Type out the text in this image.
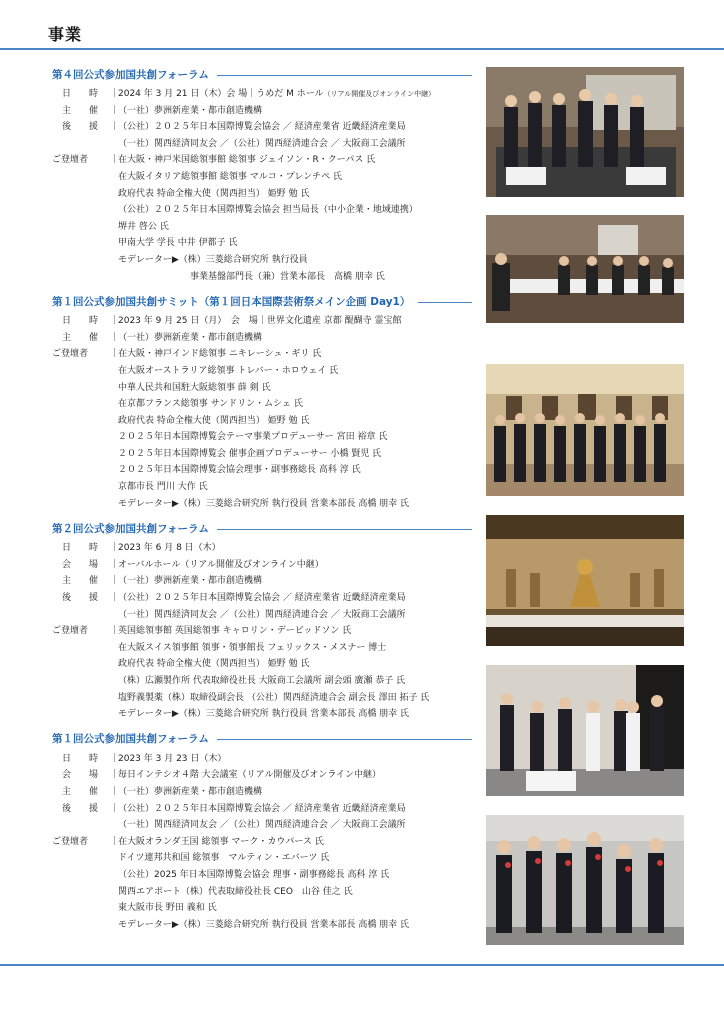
事業
第４回公式参加国共創フォーラム
日　　時	｜
2024 年 3 月 21 日（木）会 場｜うめだ M ホール（リアル開催及びオンライン中継）
主　　催	｜
（一社）夢洲新産業・都市創造機構
後　　援	｜
（公社）２０２５年日本国際博覧会協会 ／ 経済産業省 近畿経済産業局
（一社）関西経済同友会 ／（公社）関西経済連合会 ／ 大阪商工会議所
ご登壇者	｜
在大阪・神戸米国総領事館 総領事 ジェイソン・R・クーパス 氏
在大阪イタリア総領事館 総領事 マルコ・プレンチペ 氏
政府代表 特命全権大使（関西担当） 姫野 勉 氏
（公社）２０２５年日本国際博覧会協会 担当局長（中小企業・地域連携）
堺井 啓公 氏
甲南大学 学長 中井 伊都子 氏
モデレーター▶（株）三菱総合研究所 執行役員
　　　　　　　　事業基盤部門長（兼）営業本部長　高橋 朋幸 氏
第１回公式参加国共創サミット（第１回日本国際芸術祭メイン企画 Day1）
日　　時	｜
2023 年 9 月 25 日（月）　会　場｜世界文化遺産 京都 醍醐寺 霊宝館
主　　催	｜
（一社）夢洲新産業・都市創造機構
ご登壇者	｜
在大阪・神戸インド総領事 ニキレーシュ・ギリ 氏
在大阪オーストラリア総領事 トレバー・ホロウェイ 氏
中華人民共和国駐大阪総領事 薛 剣 氏
在京都フランス総領事 サンドリン・ムシェ 氏
政府代表 特命全権大使（関西担当） 姫野 勉 氏
２０２５年日本国際博覧会テーマ事業プロデューサー 宮田 裕章 氏
２０２５年日本国際博覧会 催事企画プロデューサー 小橋 賢児 氏
２０２５年日本国際博覧会協会理事・副事務総長 高科 淳 氏
京都市長 門川 大作 氏
モデレーター▶（株）三菱総合研究所 執行役員 営業本部長 高橋 朋幸 氏
第２回公式参加国共創フォーラム
日　　時	｜
2023 年 6 月 8 日（木）
会　　場	｜
オーバルホール（リアル開催及びオンライン中継）
主　　催	｜
（一社）夢洲新産業・都市創造機構
後　　援	｜
（公社）２０２５年日本国際博覧会協会 ／ 経済産業省 近畿経済産業局
（一社）関西経済同友会 ／（公社）関西経済連合会 ／ 大阪商工会議所
ご登壇者	｜
英国総領事館 英国総領事 キャロリン・デービッドソン 氏
在大阪スイス領事館 領事・領事館長 フェリックス・メスナー 博士
政府代表 特命全権大使（関西担当） 姫野 勉 氏
（株）広瀬製作所 代表取締役社長 大阪商工会議所 副会頭 廣瀬 恭子 氏
塩野義製薬（株）取締役副会長 （公社）関西経済連合会 副会長 澤田 拓子 氏
モデレーター▶（株）三菱総合研究所 執行役員 営業本部長 高橋 朋幸 氏
第１回公式参加国共創フォーラム
日　　時	｜
2023 年 3 月 23 日（木）
会　　場	｜
毎日インテシオ４階 大会議室（リアル開催及びオンライン中継）
主　　催	｜
（一社）夢洲新産業・都市創造機構
後　　援	｜
（公社）２０２５年日本国際博覧会協会 ／ 経済産業省 近畿経済産業局
（一社）関西経済同友会 ／（公社）関西経済連合会 ／ 大阪商工会議所
ご登壇者	｜
在大阪オランダ王国 総領事 マーク・カウパース 氏
ドイツ連邦共和国 総領事　マルティン・エバーツ 氏
（公社）2025 年日本国際博覧会協会 理事・副事務総長 高科 淳 氏
関西エアポート（株）代表取締役社長 CEO　山谷 佳之 氏
東大阪市長 野田 義和 氏
モデレーター▶（株）三菱総合研究所 執行役員 営業本部長 高橋 朋幸 氏
